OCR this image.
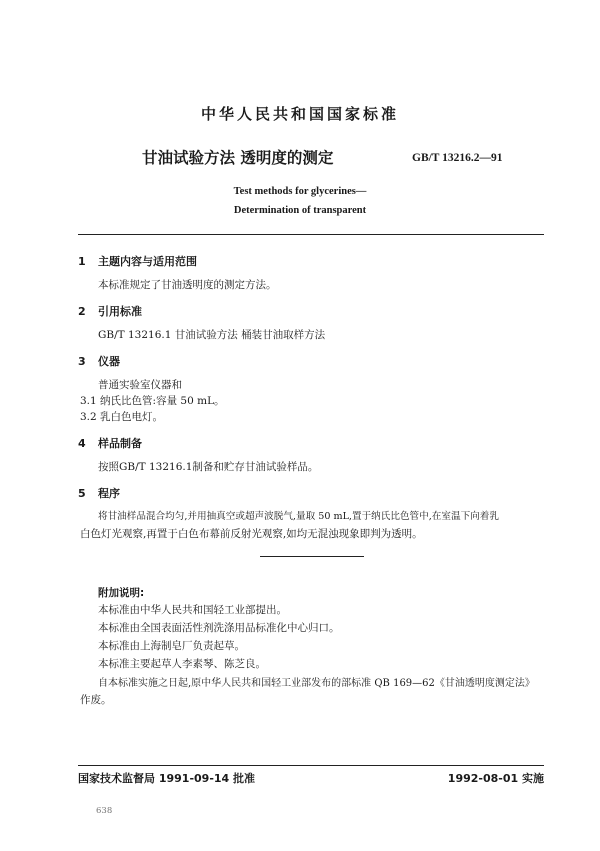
中华人民共和国国家标准
甘油试验方法 透明度的测定	GB/T 13216.2—91
Test methods for glycerines—
Determination of transparent
1 主题内容与适用范围
本标准规定了甘油透明度的测定方法。
2 引用标准
GB/T 13216.1 甘油试验方法 桶装甘油取样方法
3 仪器
普通实验室仪器和
3.1 纳氏比色管:容量 50 mL。
3.2 乳白色电灯。
4 样品制备
按照GB/T 13216.1制备和贮存甘油试验样品。
5 程序
将甘油样品混合均匀,并用抽真空或超声波脱气,量取 50 mL,置于纳氏比色管中,在室温下向着乳
白色灯光观察,再置于白色布幕前反射光观察,如均无混浊现象即判为透明。
附加说明:
本标准由中华人民共和国轻工业部提出。
本标准由全国表面活性剂洗涤用品标准化中心归口。
本标准由上海制皂厂负责起草。
本标准主要起草人李素琴、陈芝良。
自本标准实施之日起,原中华人民共和国轻工业部发布的部标准 QB 169—62《甘油透明度测定法》
作废。
国家技术监督局 1991-09-14 批准	1992-08-01 实施
638
